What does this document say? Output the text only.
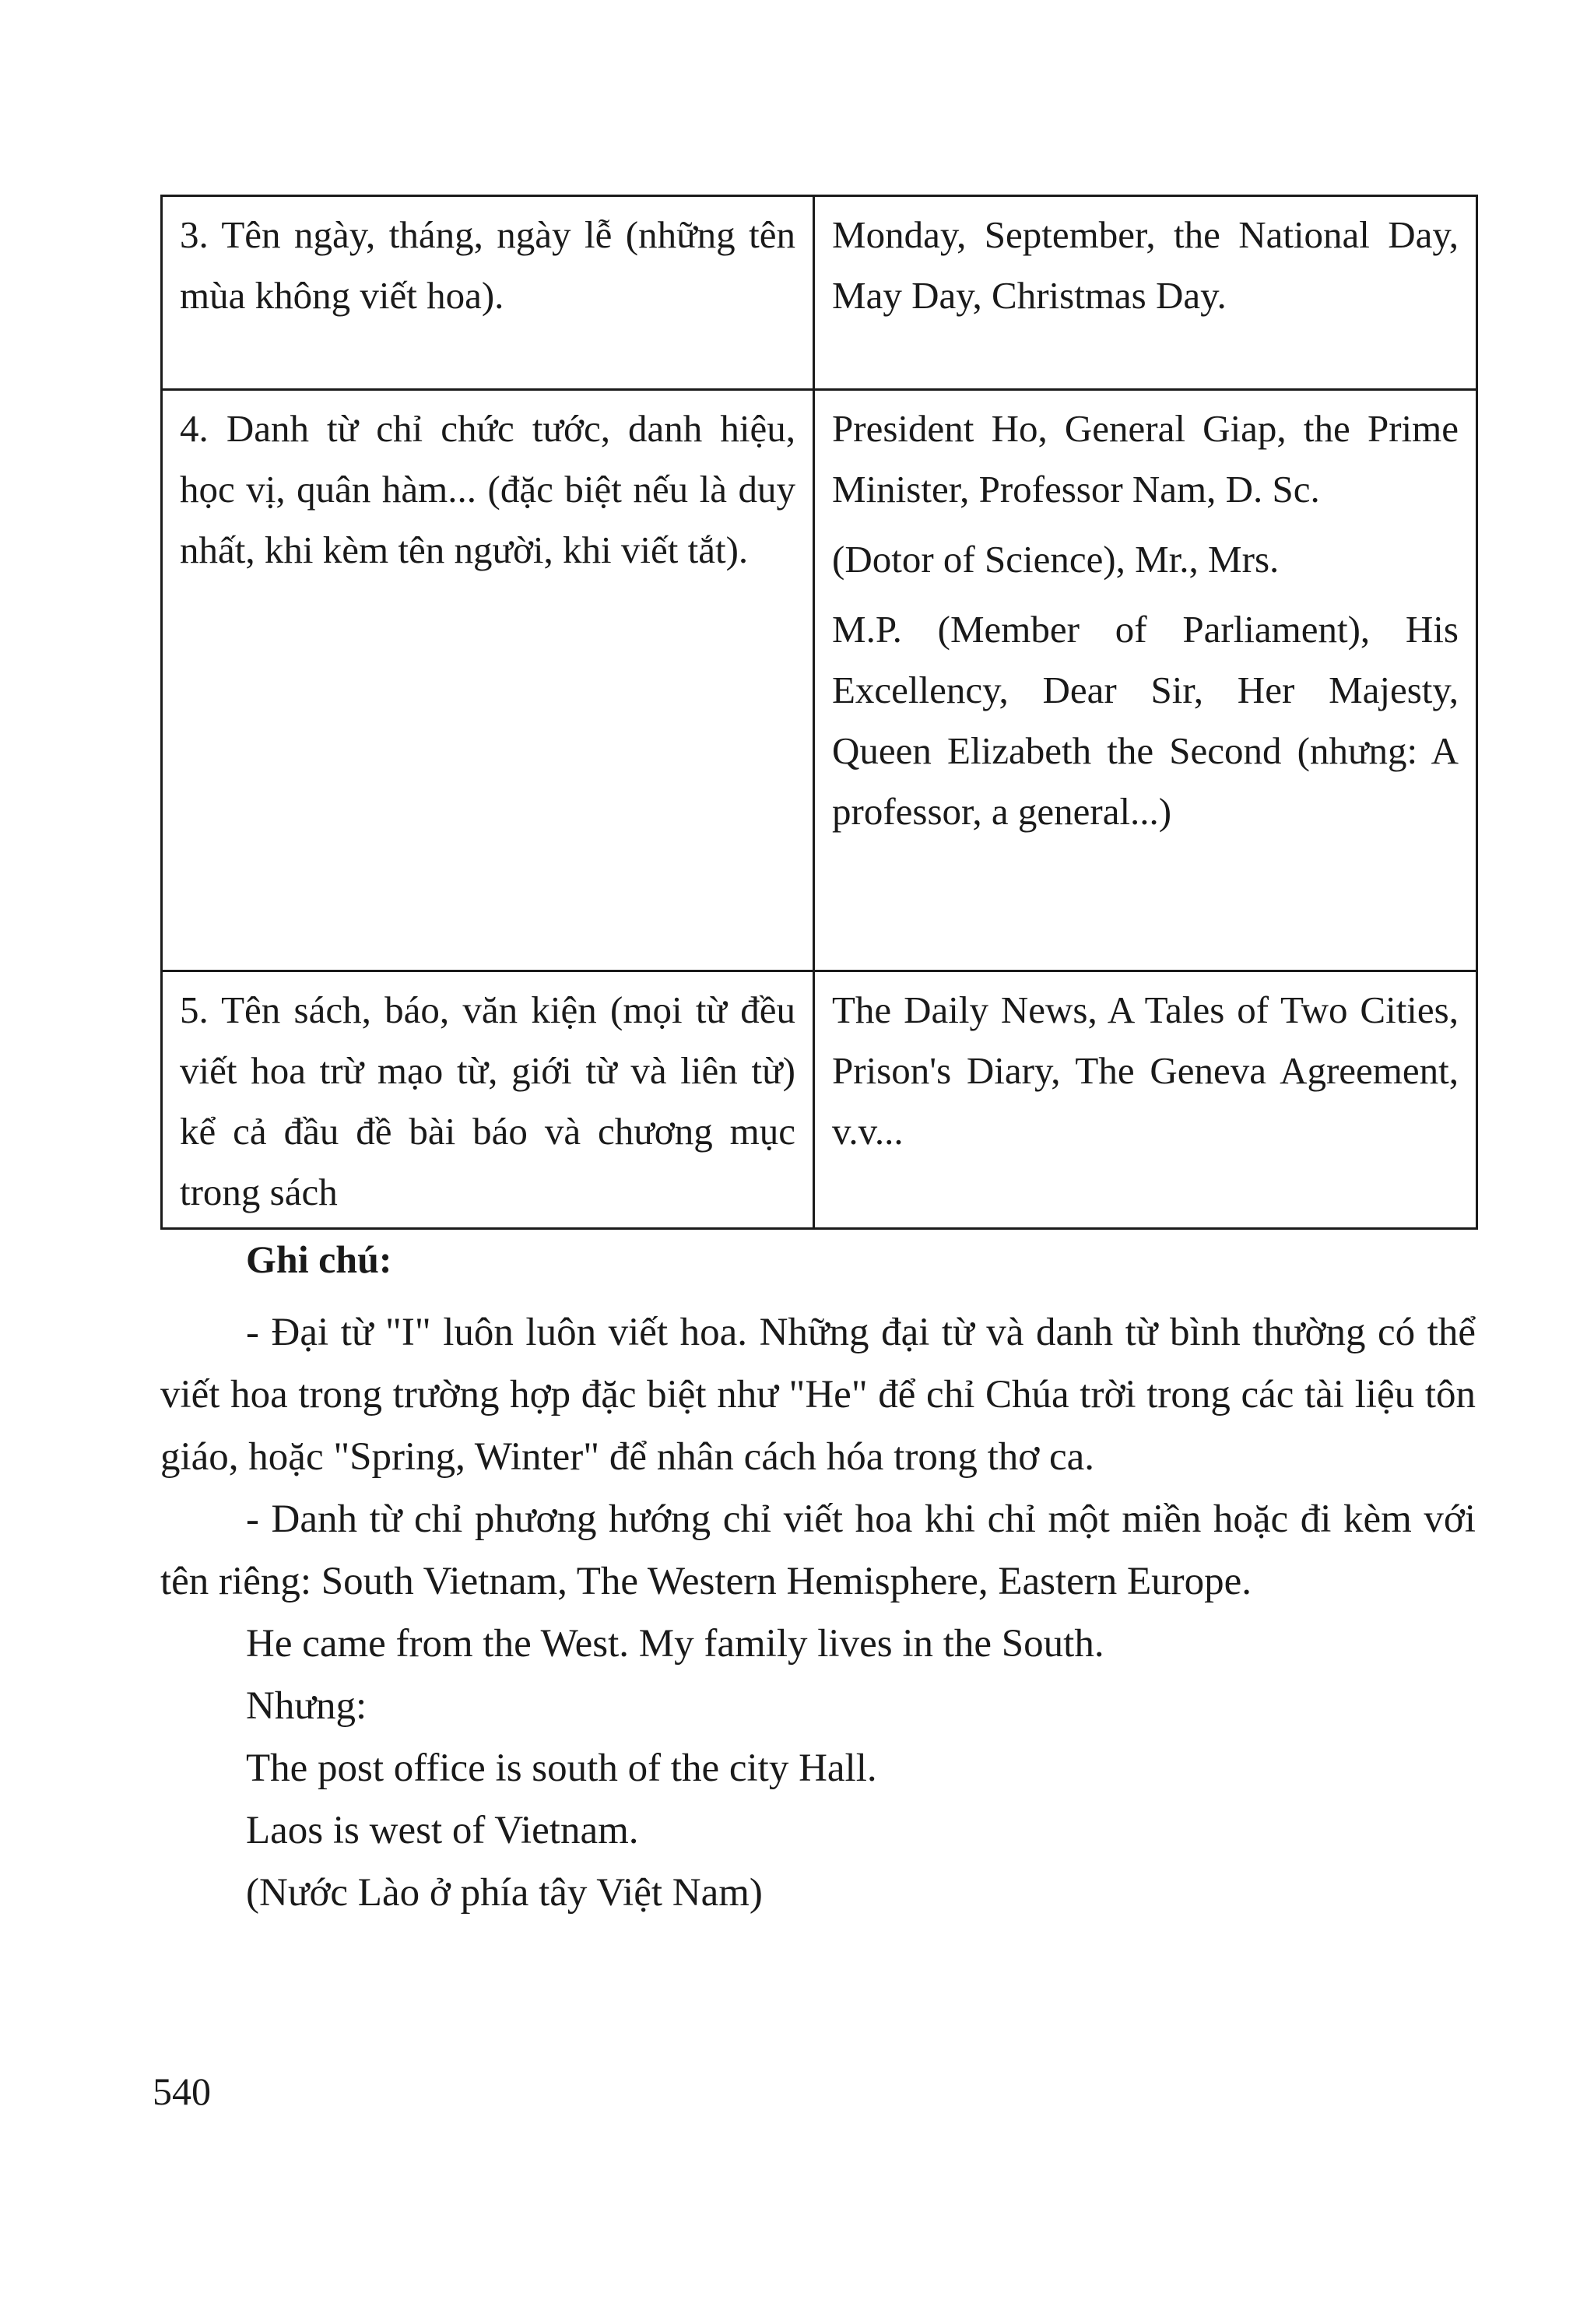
3. Tên ngày, tháng, ngày lễ (những tên mùa không viết hoa).	Monday, September, the National Day, May Day, Christmas Day.

4. Danh từ chỉ chức tước, danh hiệu, học vị, quân hàm... (đặc biệt nếu là duy nhất, khi kèm tên người, khi viết tắt).	President Ho, General Giap, the Prime Minister, Professor Nam, D. Sc.

(Dotor of Science), Mr., Mrs.

M.P. (Member of Parliament), His Excellency, Dear Sir, Her Majesty, Queen Elizabeth the Second (nhưng: A professor, a general...)

5. Tên sách, báo, văn kiện (mọi từ đều viết hoa trừ mạo từ, giới từ và liên từ) kể cả đầu đề bài báo và chương mục trong sách	The Daily News, A Tales of Two Cities, Prison's Diary, The Geneva Agreement, v.v...

Ghi chú:

- Đại từ "I" luôn luôn viết hoa. Những đại từ và danh từ bình thường có thể viết hoa trong trường hợp đặc biệt như "He" để chỉ Chúa trời trong các tài liệu tôn giáo, hoặc "Spring, Winter" để nhân cách hóa trong thơ ca.

- Danh từ chỉ phương hướng chỉ viết hoa khi chỉ một miền hoặc đi kèm với tên riêng: South Vietnam, The Western Hemisphere, Eastern Europe.

He came from the West. My family lives in the South.

Nhưng:

The post office is south of the city Hall.

Laos is west of Vietnam.

(Nước Lào ở phía tây Việt Nam)

540
